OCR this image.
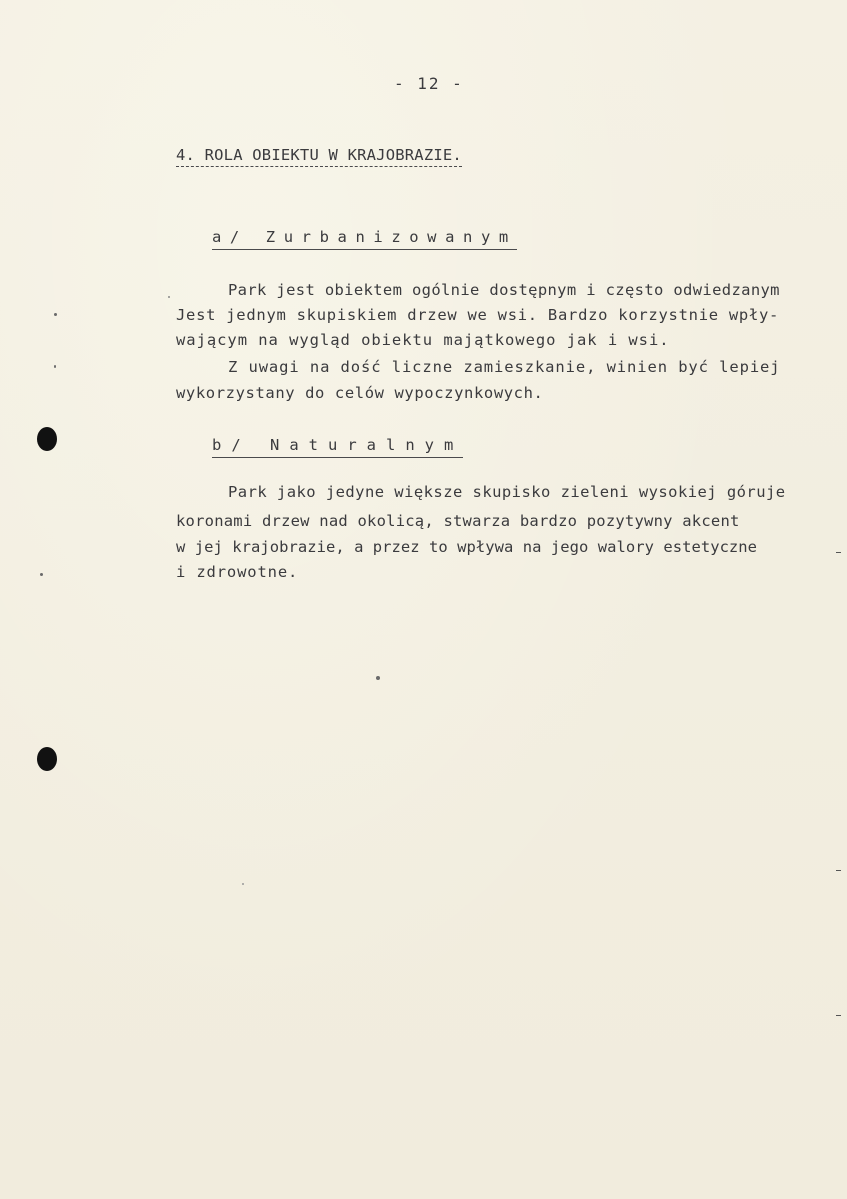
- 12 -
4. ROLA OBIEKTU W KRAJOBRAZIE.
a/ Zurbanizowanym
Park jest obiektem ogólnie dostępnym i często odwiedzanym
Jest jednym skupiskiem drzew we wsi. Bardzo korzystnie wpły-
wającym na wygląd obiektu majątkowego jak i wsi.
Z uwagi na dość liczne zamieszkanie, winien być lepiej
wykorzystany do celów wypoczynkowych.
b/ Naturalnym
Park jako jedyne większe skupisko zieleni wysokiej góruje
koronami drzew nad okolicą, stwarza bardzo pozytywny akcent
w jej krajobrazie, a przez to wpływa na jego walory estetyczne
i zdrowotne.
